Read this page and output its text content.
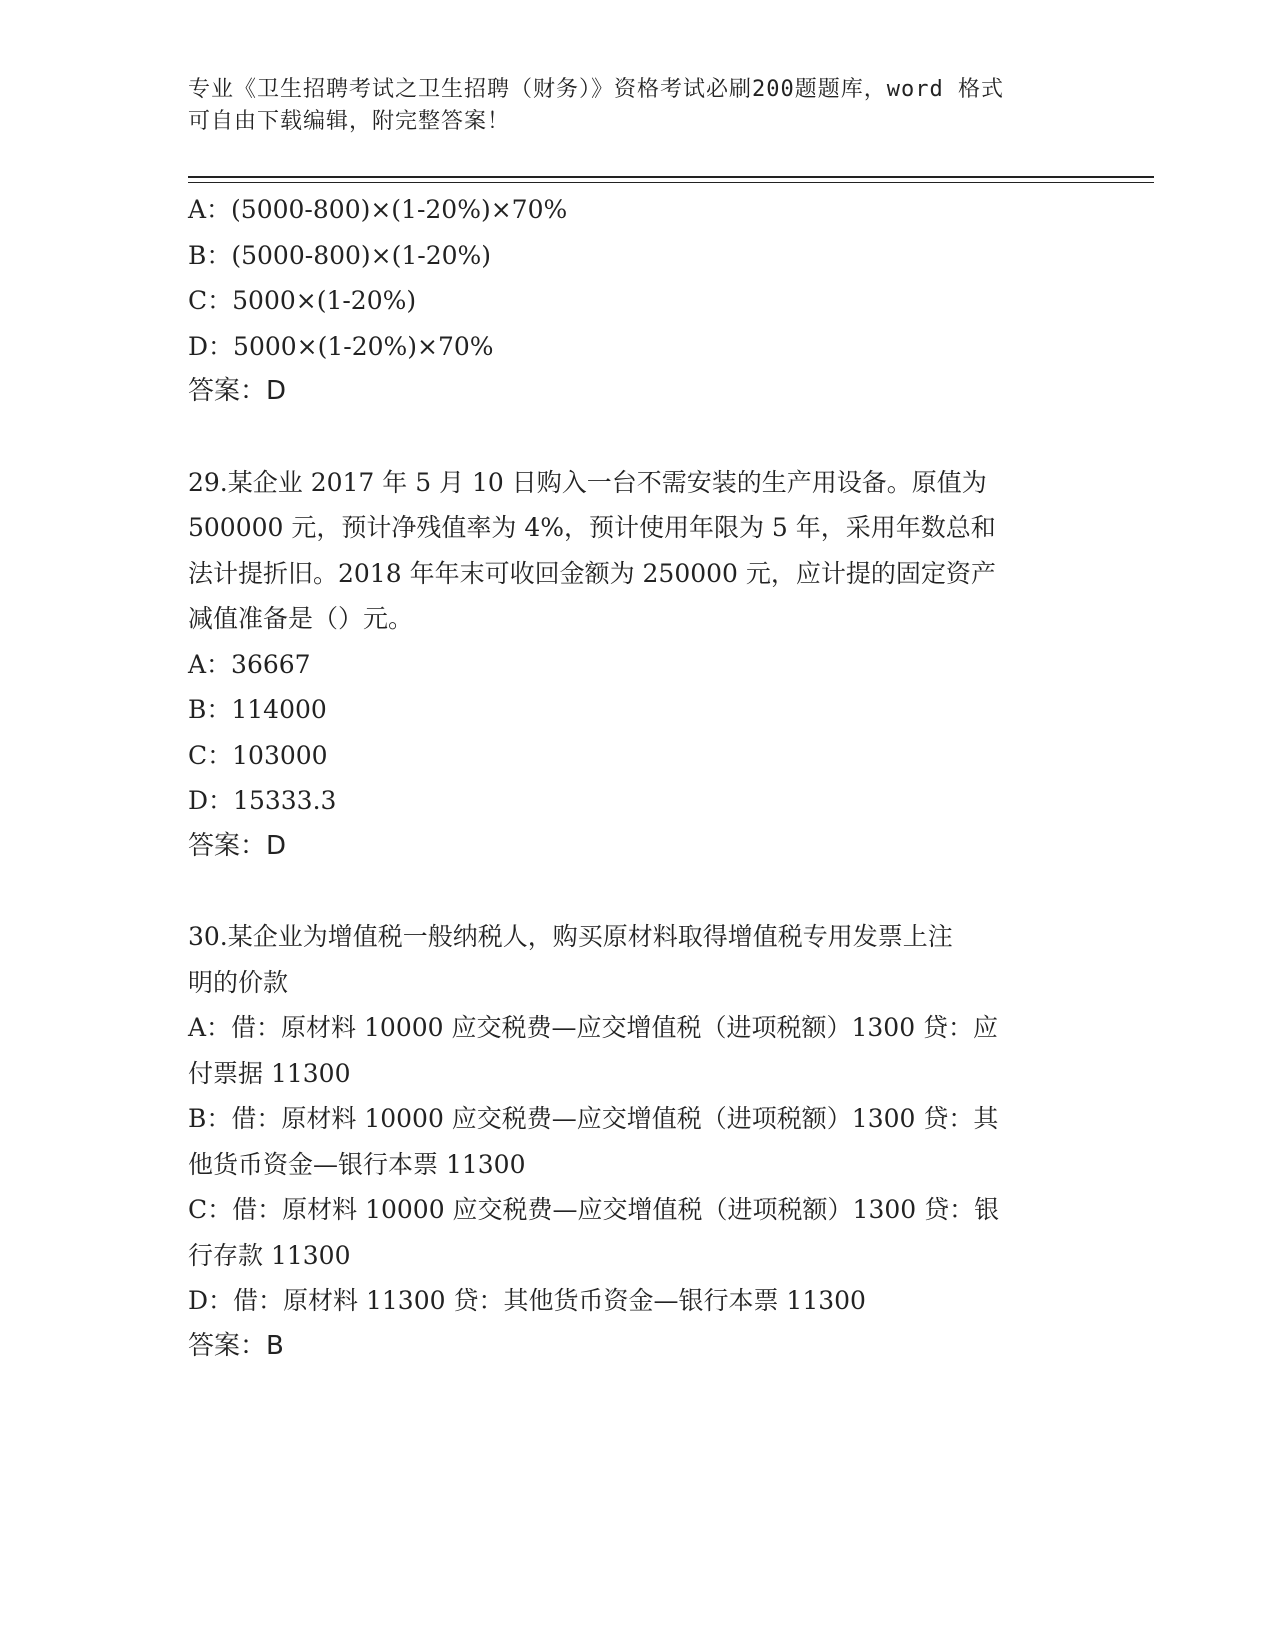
专业《卫生招聘考试之卫生招聘（财务）》资格考试必刷200题题库，word 格式
可自由下载编辑，附完整答案！
A：(5000-800)×(1-20%)×70%
B：(5000-800)×(1-20%)
C：5000×(1-20%)
D：5000×(1-20%)×70%
答案：D
29.某企业 2017 年 5 月 10 日购入一台不需安装的生产用设备。原值为
500000 元，预计净残值率为 4%，预计使用年限为 5 年，采用年数总和
法计提折旧。2018 年年末可收回金额为 250000 元，应计提的固定资产
减值准备是（）元。
A：36667
B：114000
C：103000
D：15333.3
答案：D
30.某企业为增值税一般纳税人，购买原材料取得增值税专用发票上注
明的价款
A：借：原材料 10000 应交税费—应交增值税（进项税额）1300 贷：应
付票据 11300
B：借：原材料 10000 应交税费—应交增值税（进项税额）1300 贷：其
他货币资金—银行本票 11300
C：借：原材料 10000 应交税费—应交增值税（进项税额）1300 贷：银
行存款 11300
D：借：原材料 11300 贷：其他货币资金—银行本票 11300
答案：B
